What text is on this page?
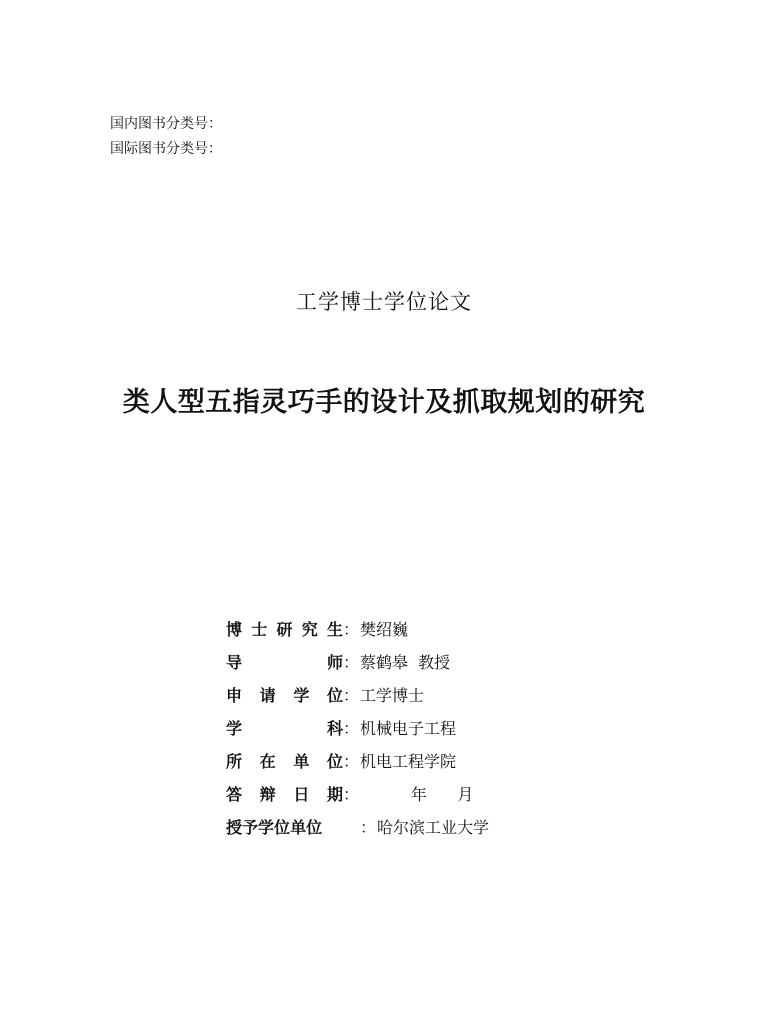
国内图书分类号：
国际图书分类号：
工学博士学位论文
类人型五指灵巧手的设计及抓取规划的研究
博 士 研 究 生 ： 樊绍巍
导	师 ： 蔡鹤皋  教授
申 请 学 位 ： 工学博士
学	科 ： 机械电子工程
所 在 单 位 ： 机电工程学院
答 辩 日 期 ： 年      月
授 予 学 位 单 位 ： 哈尔滨工业大学
